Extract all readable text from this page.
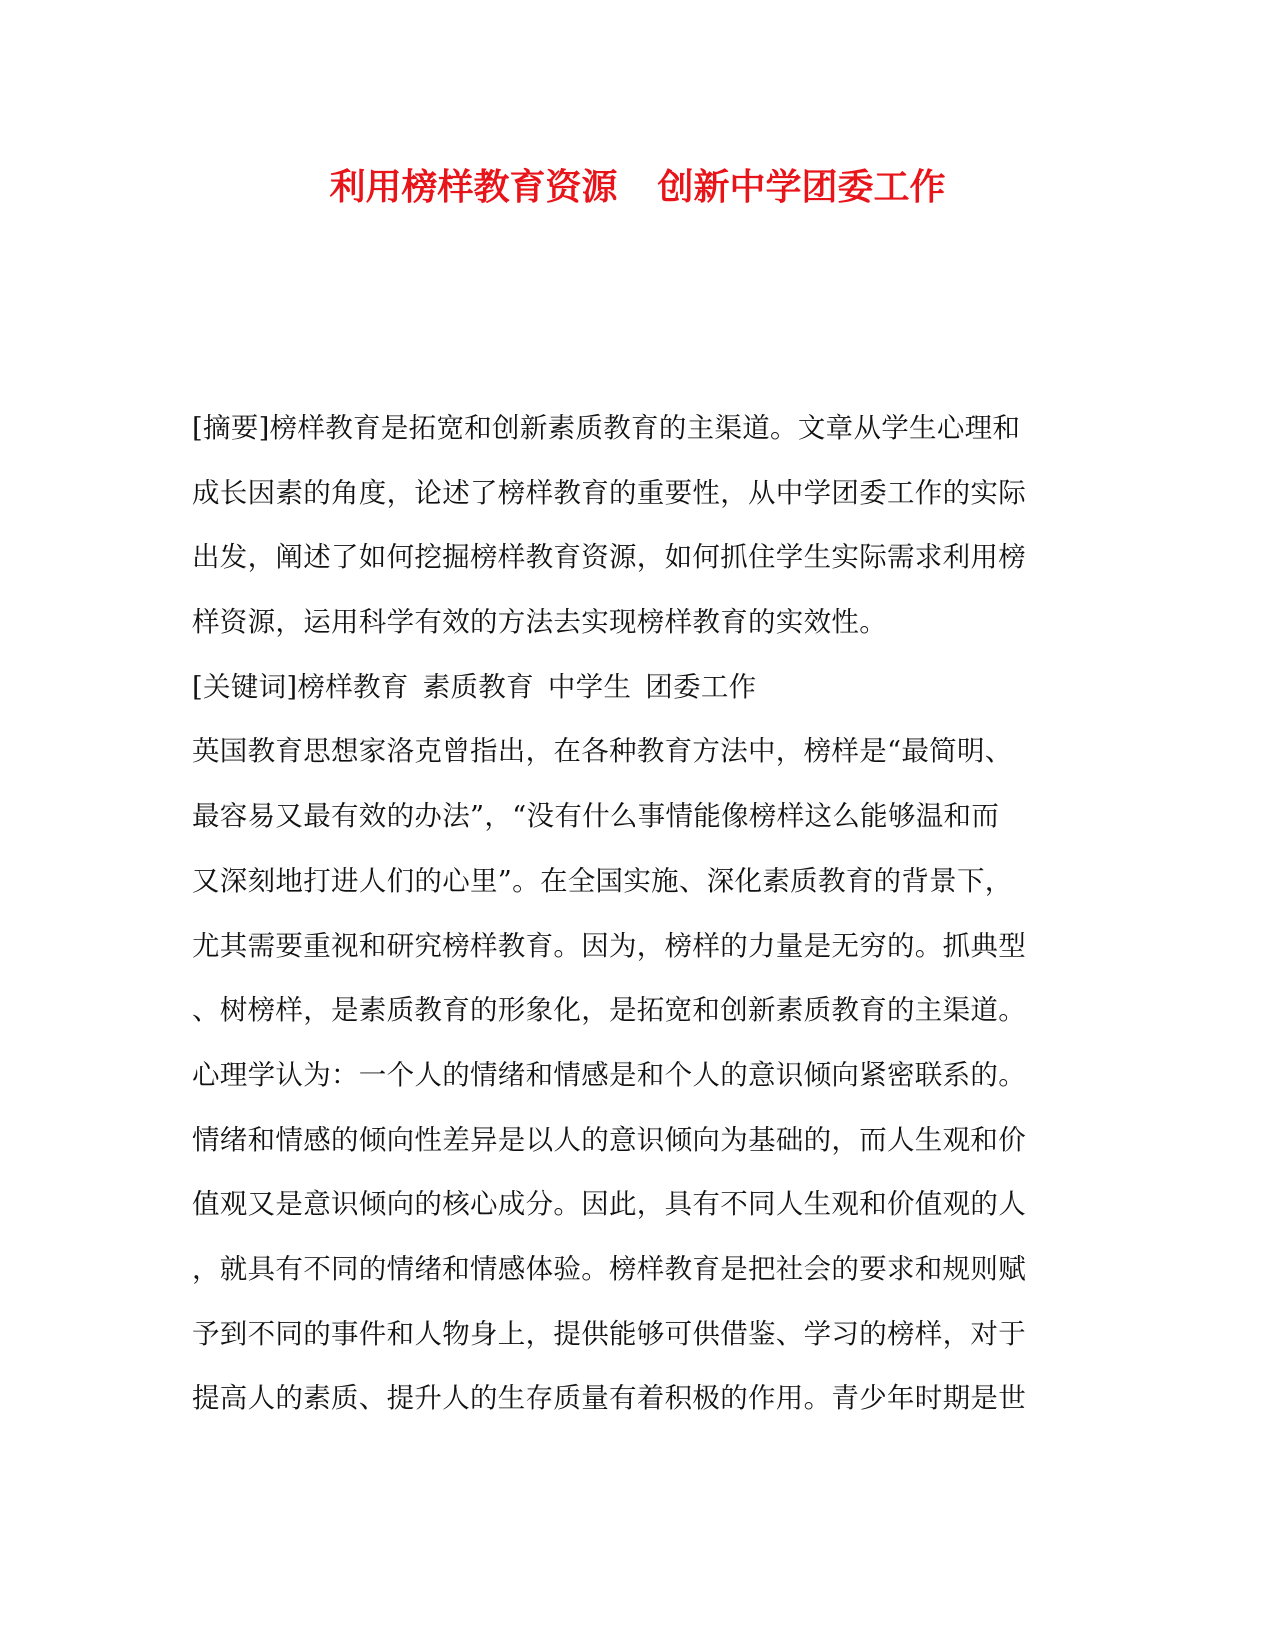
利用榜样教育资源 创新中学团委工作
[摘要]榜样教育是拓宽和创新素质教育的主渠道。文章从学生心理和
成长因素的角度，论述了榜样教育的重要性，从中学团委工作的实际
出发，阐述了如何挖掘榜样教育资源，如何抓住学生实际需求利用榜
样资源，运用科学有效的方法去实现榜样教育的实效性。
[关键词]榜样教育 素质教育 中学生 团委工作
英国教育思想家洛克曾指出，在各种教育方法中，榜样是“最简明、
最容易又最有效的办法”，“没有什么事情能像榜样这么能够温和而
又深刻地打进人们的心里”。在全国实施、深化素质教育的背景下，
尤其需要重视和研究榜样教育。因为，榜样的力量是无穷的。抓典型
、树榜样，是素质教育的形象化，是拓宽和创新素质教育的主渠道。
心理学认为：一个人的情绪和情感是和个人的意识倾向紧密联系的。
情绪和情感的倾向性差异是以人的意识倾向为基础的，而人生观和价
值观又是意识倾向的核心成分。因此，具有不同人生观和价值观的人
，就具有不同的情绪和情感体验。榜样教育是把社会的要求和规则赋
予到不同的事件和人物身上，提供能够可供借鉴、学习的榜样，对于
提高人的素质、提升人的生存质量有着积极的作用。青少年时期是世
